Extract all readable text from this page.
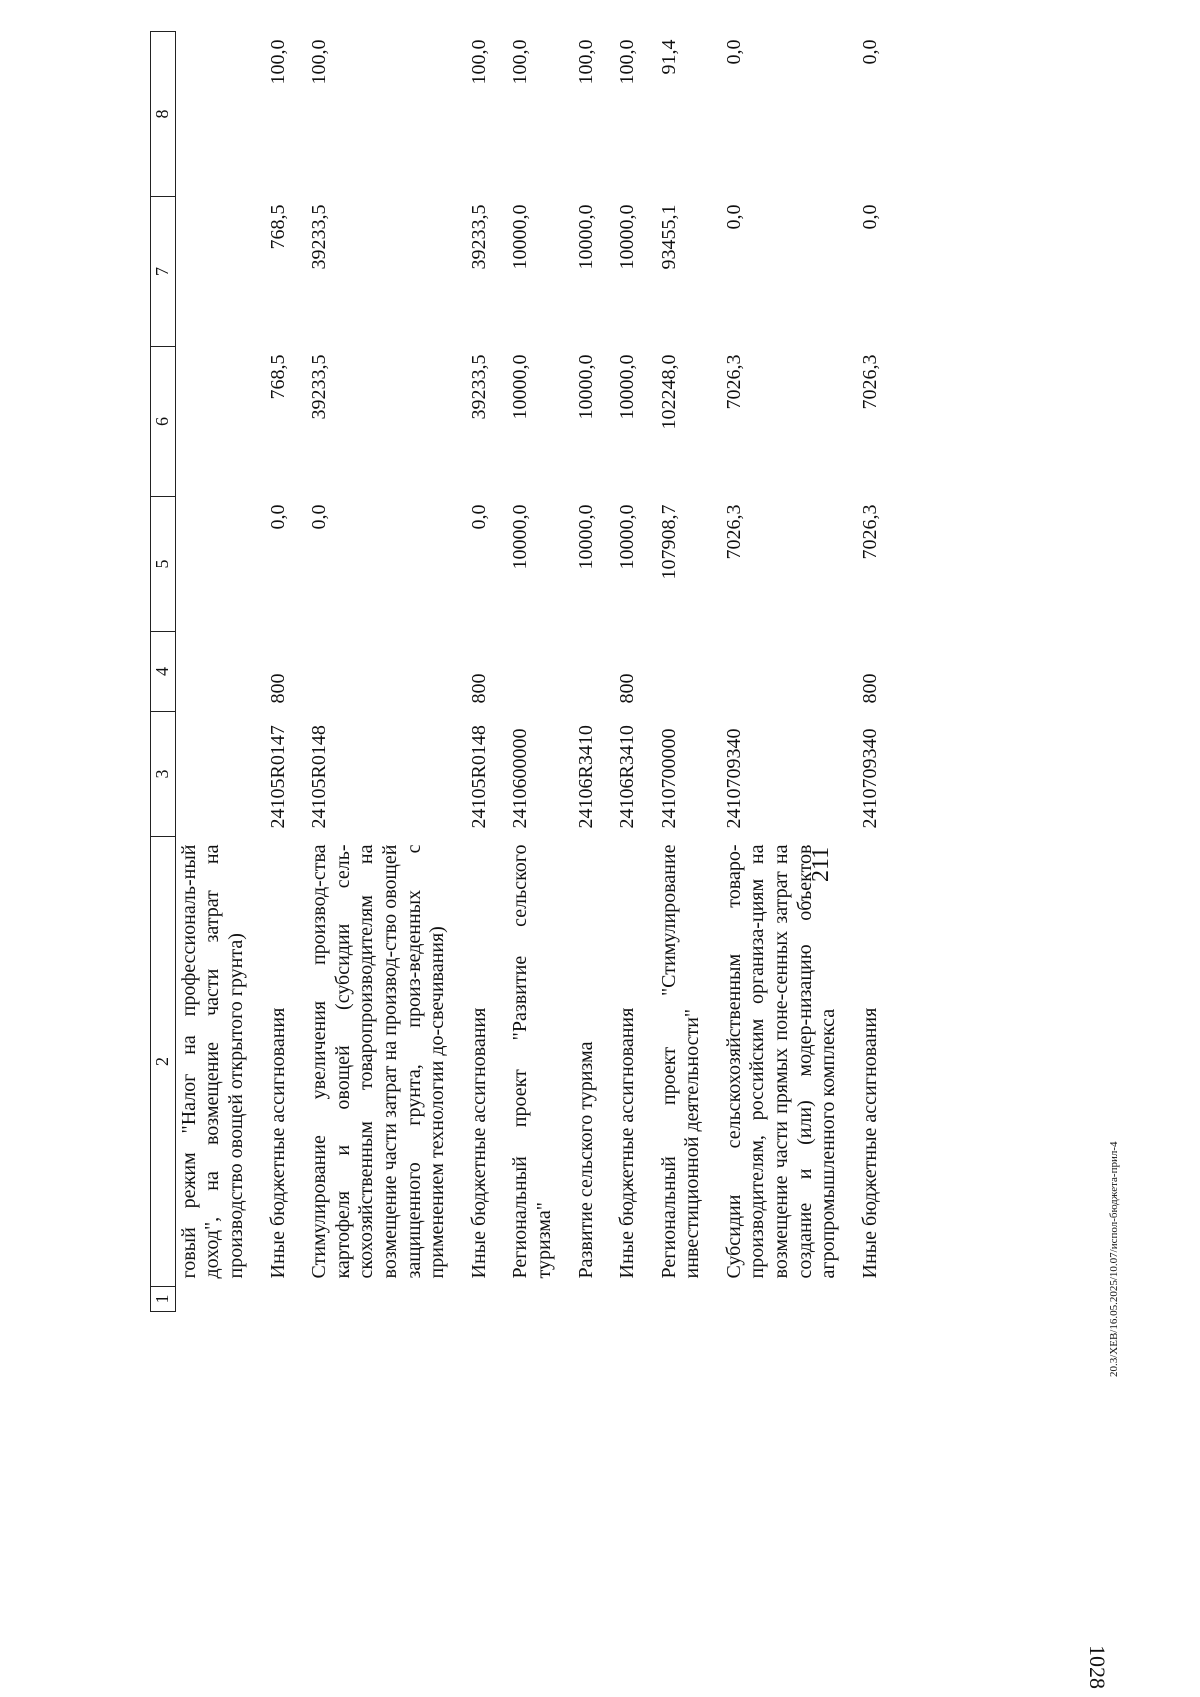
211
1	2	3	4	5	6	7	8
	говый режим "Налог на профессиональ-ный доход", на возмещение части затрат на производство овощей открытого грунта)						
	Иные бюджетные ассигнования	24105R0147	800	0,0	768,5	768,5	100,0
	Стимулирование увеличения производ-ства картофеля и овощей (субсидии сель-скохозяйственным товаропроизводителям на возмещение части затрат на производ-ство овощей защищенного грунта, произ-веденных с применением технологии до-свечивания)	24105R0148		0,0	39233,5	39233,5	100,0
	Иные бюджетные ассигнования	24105R0148	800	0,0	39233,5	39233,5	100,0
	Региональный проект "Развитие сельского туризма"	2410600000		10000,0	10000,0	10000,0	100,0
	Развитие сельского туризма	24106R3410		10000,0	10000,0	10000,0	100,0
	Иные бюджетные ассигнования	24106R3410	800	10000,0	10000,0	10000,0	100,0
	Региональный проект "Стимулирование инвестиционной деятельности"	2410700000		107908,7	102248,0	93455,1	91,4
	Субсидии сельскохозяйственным товаро-производителям, российским организа-циям на возмещение части прямых поне-сенных затрат на создание и (или) модер-низацию объектов агропромышленного комплекса	2410709340		7026,3	7026,3	0,0	0,0
	Иные бюджетные ассигнования	2410709340	800	7026,3	7026,3	0,0	0,0
20.3/XEB/16.05.2025/10.07/испол-бюджета-прил-4
1028
